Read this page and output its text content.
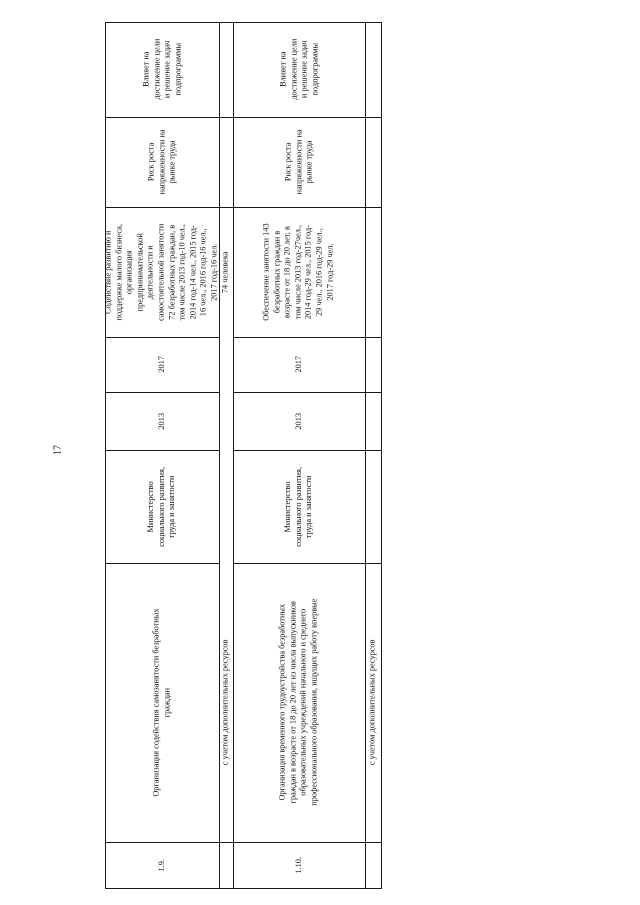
17
Влияет на
достижение цели
и решение задач
подпрограммы
Риск роста
напряженности на
рынке труда
Содействие развитию и
поддержке малого бизнеса,
организация
предпринимательской
деятельности и
самостоятельной занятости
72 безработных граждан, в
том числе 2013 год-10 чел.,
2014 год-14 чел., 2015 год-
16 чел., 2016 год-16 чел.,
2017 год-16 чел.
2017
2013
Министерство
социального развития,
труда и занятости
Организация содействия самозанятости безработных
граждан
1.9.
74 человека
с учетом дополнительных ресурсов
Влияет на
достижение цели
и решение задач
подпрограммы
Риск роста
напряженности на
рынке труда
Обеспечение занятости 143
безработных граждан в
возрасте от 18 до 20 лет, в
том числе 2013 год-27чел.,
2014 год-29 чел., 2015 год-
29 чел., 2016 год-29 чел.,
2017 год-29 чел.
2017
2013
Министерство
социального развития,
труда и занятости
Организация временного трудоустройства безработных
граждан в возрасте от 18 до 20 лет из числа выпускников
образовательных учреждений начального и среднего
профессионального образования, ищущих работу впервые
1.10.
с учетом дополнительных ресурсов
